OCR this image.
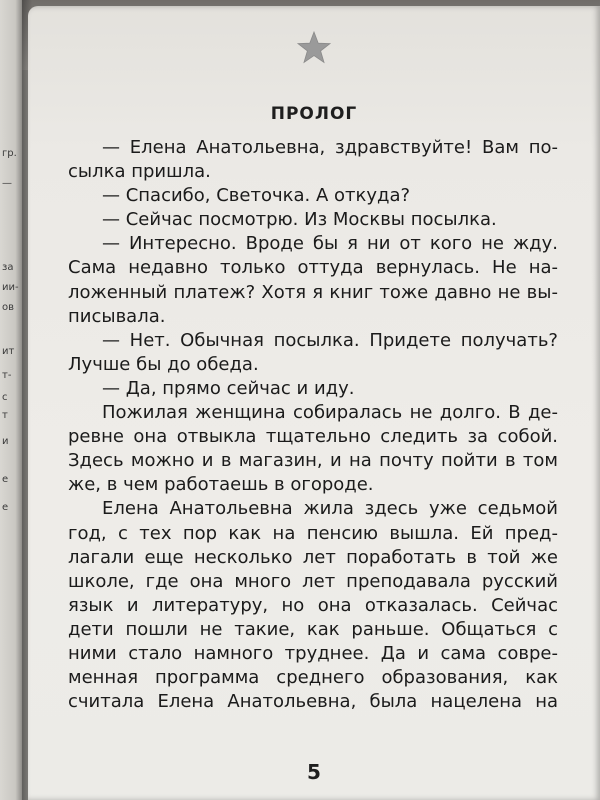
гр.
—
за
ии-
ов
ит
т-
с
т
и
е
е
ПРОЛОГ
— Елена Анатольевна, здравствуйте! Вам по-
сылка пришла.
— Спасибо, Светочка. А откуда?
— Сейчас посмотрю. Из Москвы посылка.
— Интересно. Вроде бы я ни от кого не жду.
Сама недавно только оттуда вернулась. Не на-
ложенный платеж? Хотя я книг тоже давно не вы-
писывала.
— Нет. Обычная посылка. Придете получать?
Лучше бы до обеда.
— Да, прямо сейчас и иду.
Пожилая женщина собиралась не долго. В де-
ревне она отвыкла тщательно следить за собой.
Здесь можно и в магазин, и на почту пойти в том
же, в чем работаешь в огороде.
Елена Анатольевна жила здесь уже седьмой
год, с тех пор как на пенсию вышла. Ей пред-
лагали еще несколько лет поработать в той же
школе, где она много лет преподавала русский
язык и литературу, но она отказалась. Сейчас
дети пошли не такие, как раньше. Общаться с
ними стало намного труднее. Да и сама совре-
менная программа среднего образования, как
считала Елена Анатольевна, была нацелена на
5
